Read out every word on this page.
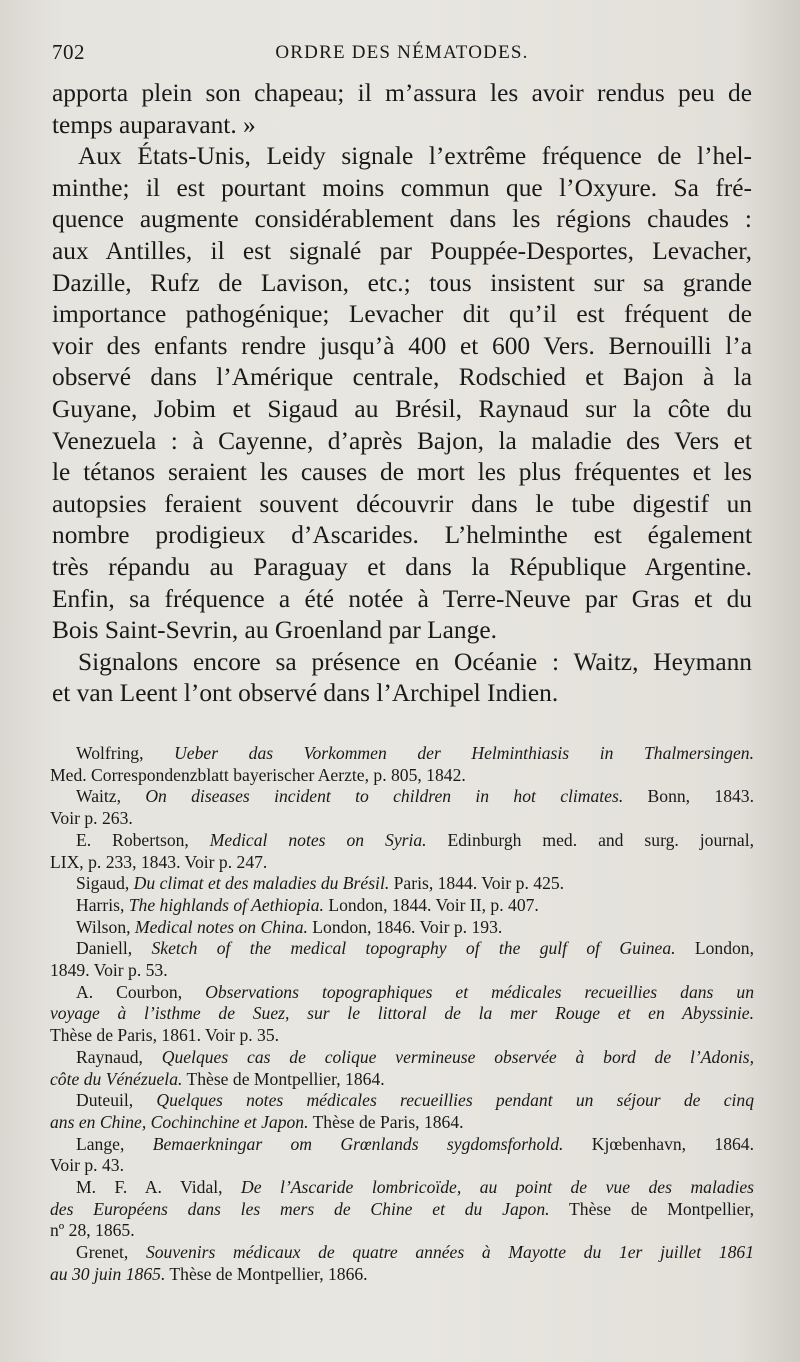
702	ORDRE DES NÉMATODES.
apporta plein son chapeau; il m’assura les avoir rendus peu de
temps auparavant. »
Aux États-Unis, Leidy signale l’extrême fréquence de l’hel-
minthe; il est pourtant moins commun que l’Oxyure. Sa fré-
quence augmente considérablement dans les régions chaudes :
aux Antilles, il est signalé par Pouppée-Desportes, Levacher,
Dazille, Rufz de Lavison, etc.; tous insistent sur sa grande
importance pathogénique; Levacher dit qu’il est fréquent de
voir des enfants rendre jusqu’à 400 et 600 Vers. Bernouilli l’a
observé dans l’Amérique centrale, Rodschied et Bajon à la
Guyane, Jobim et Sigaud au Brésil, Raynaud sur la côte du
Venezuela : à Cayenne, d’après Bajon, la maladie des Vers et
le tétanos seraient les causes de mort les plus fréquentes et les
autopsies feraient souvent découvrir dans le tube digestif un
nombre prodigieux d’Ascarides. L’helminthe est également
très répandu au Paraguay et dans la République Argentine.
Enfin, sa fréquence a été notée à Terre-Neuve par Gras et du
Bois Saint-Sevrin, au Groenland par Lange.
Signalons encore sa présence en Océanie : Waitz, Heymann
et van Leent l’ont observé dans l’Archipel Indien.
Wolfring, Ueber das Vorkommen der Helminthiasis in Thalmersingen.
Med. Correspondenzblatt bayerischer Aerzte, p. 805, 1842.
Waitz, On diseases incident to children in hot climates. Bonn, 1843.
Voir p. 263.
E. Robertson, Medical notes on Syria. Edinburgh med. and surg. journal,
LIX, p. 233, 1843. Voir p. 247.
Sigaud, Du climat et des maladies du Brésil. Paris, 1844. Voir p. 425.
Harris, The highlands of Aethiopia. London, 1844. Voir II, p. 407.
Wilson, Medical notes on China. London, 1846. Voir p. 193.
Daniell, Sketch of the medical topography of the gulf of Guinea. London,
1849. Voir p. 53.
A. Courbon, Observations topographiques et médicales recueillies dans un
voyage à l’isthme de Suez, sur le littoral de la mer Rouge et en Abyssinie.
Thèse de Paris, 1861. Voir p. 35.
Raynaud, Quelques cas de colique vermineuse observée à bord de l’Adonis,
côte du Vénézuela. Thèse de Montpellier, 1864.
Duteuil, Quelques notes médicales recueillies pendant un séjour de cinq
ans en Chine, Cochinchine et Japon. Thèse de Paris, 1864.
Lange, Bemaerkningar om Grœnlands sygdomsforhold. Kjœbenhavn, 1864.
Voir p. 43.
M. F. A. Vidal, De l’Ascaride lombricoïde, au point de vue des maladies
des Européens dans les mers de Chine et du Japon. Thèse de Montpellier,
nº 28, 1865.
Grenet, Souvenirs médicaux de quatre années à Mayotte du 1er juillet 1861
au 30 juin 1865. Thèse de Montpellier, 1866.
